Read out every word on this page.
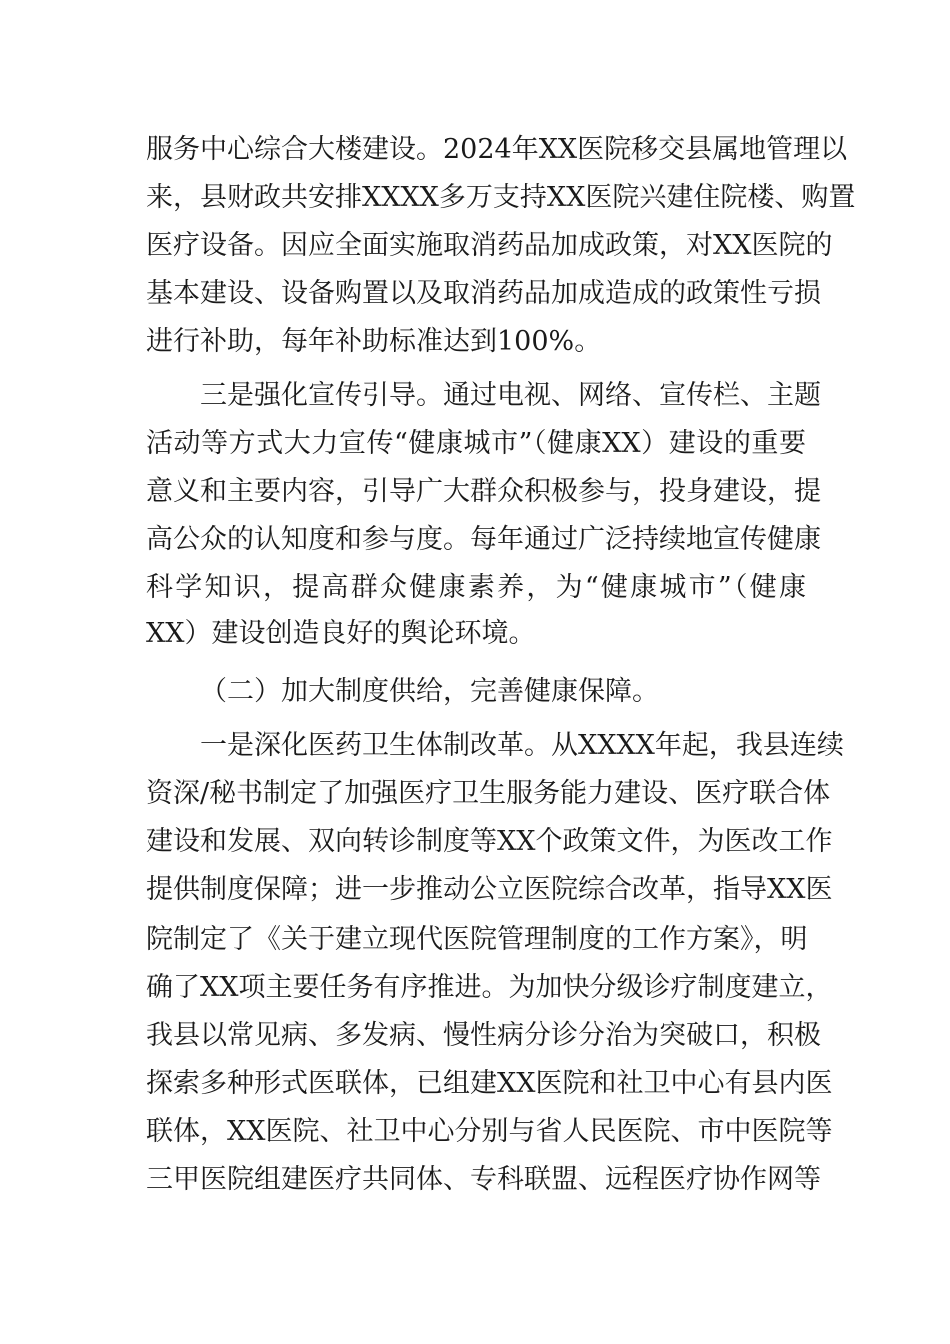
服务中心综合大楼建设。2024年XX医院移交县属地管理以
来，县财政共安排XXXX多万支持XX医院兴建住院楼、购置
医疗设备。因应全面实施取消药品加成政策，对XX医院的
基本建设、设备购置以及取消药品加成造成的政策性亏损
进行补助，每年补助标准达到100%。
三是强化宣传引导。通过电视、网络、宣传栏、主题
活动等方式大力宣传“健康城市”（健康XX）建设的重要
意义和主要内容，引导广大群众积极参与，投身建设，提
高公众的认知度和参与度。每年通过广泛持续地宣传健康
科学知识，提高群众健康素养，为“健康城市”（健康
XX）建设创造良好的舆论环境。
（二）加大制度供给，完善健康保障。
一是深化医药卫生体制改革。从XXXX年起，我县连续
资深/秘书制定了加强医疗卫生服务能力建设、医疗联合体
建设和发展、双向转诊制度等XX个政策文件，为医改工作
提供制度保障；进一步推动公立医院综合改革，指导XX医
院制定了《关于建立现代医院管理制度的工作方案》，明
确了XX项主要任务有序推进。为加快分级诊疗制度建立，
我县以常见病、多发病、慢性病分诊分治为突破口，积极
探索多种形式医联体，已组建XX医院和社卫中心有县内医
联体，XX医院、社卫中心分别与省人民医院、市中医院等
三甲医院组建医疗共同体、专科联盟、远程医疗协作网等
